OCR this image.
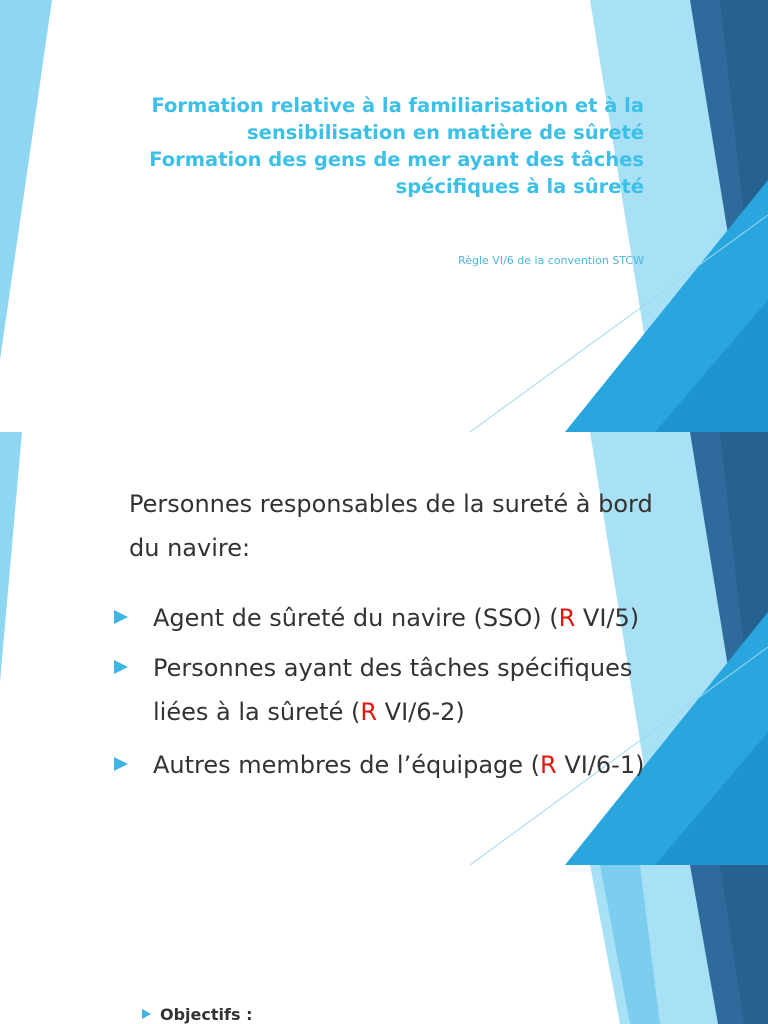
Formation relative à la familiarisation et à la
sensibilisation en matière de sûreté
Formation des gens de mer ayant des tâches
spécifiques à la sûreté
Règle VI/6 de la convention STCW
Personnes responsables de la sureté à bord
du navire:
Agent de sûreté du navire (SSO) (R VI/5)
Personnes ayant des tâches spécifiques
liées à la sûreté (R VI/6-2)
Autres membres de l’équipage (R VI/6-1)
Objectifs :
